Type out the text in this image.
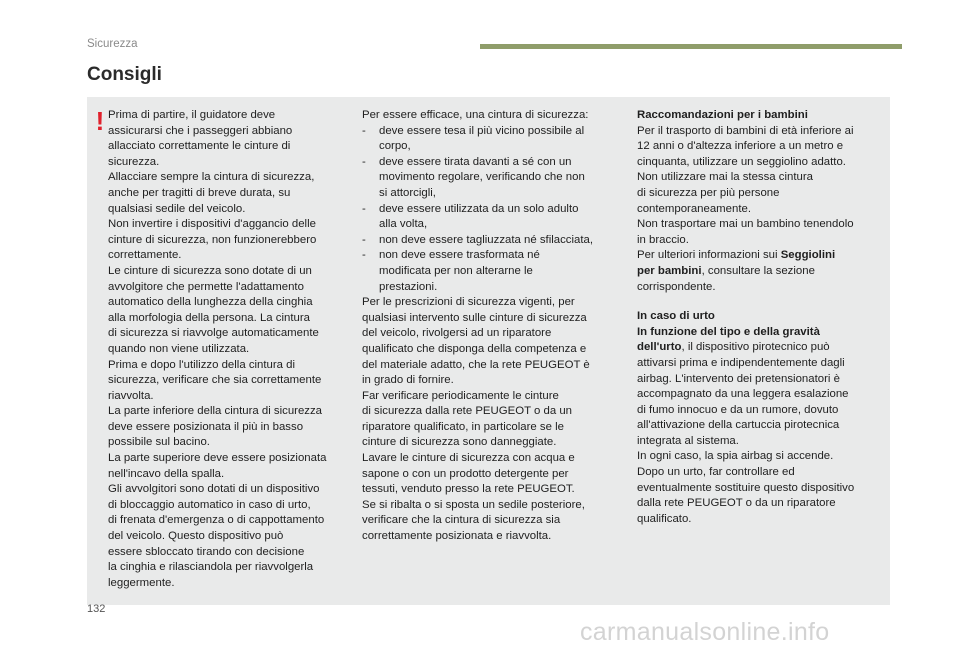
Sicurezza
Consigli
! Prima di partire, il guidatore deve

assicurarsi che i passeggeri abbiano

allacciato correttamente le cinture di

sicurezza.

Allacciare sempre la cintura di sicurezza,

anche per tragitti di breve durata, su

qualsiasi sedile del veicolo.

Non invertire i dispositivi d'aggancio delle

cinture di sicurezza, non funzionerebbero

correttamente.

Le cinture di sicurezza sono dotate di un

avvolgitore che permette l'adattamento

automatico della lunghezza della cinghia

alla morfologia della persona. La cintura

di sicurezza si riavvolge automaticamente

quando non viene utilizzata.

Prima e dopo l'utilizzo della cintura di

sicurezza, verificare che sia correttamente

riavvolta.

La parte inferiore della cintura di sicurezza

deve essere posizionata il più in basso

possibile sul bacino.

La parte superiore deve essere posizionata

nell'incavo della spalla.

Gli avvolgitori sono dotati di un dispositivo

di bloccaggio automatico in caso di urto,

di frenata d'emergenza o di cappottamento

del veicolo. Questo dispositivo può

essere sbloccato tirando con decisione

la cinghia e rilasciandola per riavvolgerla

leggermente.

Per essere efficace, una cintura di sicurezza:

- deve essere tesa il più vicino possibile al

corpo,

- deve essere tirata davanti a sé con un

movimento regolare, verificando che non

si attorcigli,

- deve essere utilizzata da un solo adulto

alla volta,

- non deve essere tagliuzzata né sfilacciata,

- non deve essere trasformata né

modificata per non alterarne le

prestazioni.

Per le prescrizioni di sicurezza vigenti, per

qualsiasi intervento sulle cinture di sicurezza

del veicolo, rivolgersi ad un riparatore

qualificato che disponga della competenza e

del materiale adatto, che la rete PEUGEOT è

in grado di fornire.

Far verificare periodicamente le cinture

di sicurezza dalla rete PEUGEOT o da un

riparatore qualificato, in particolare se le

cinture di sicurezza sono danneggiate.

Lavare le cinture di sicurezza con acqua e

sapone o con un prodotto detergente per

tessuti, venduto presso la rete PEUGEOT.

Se si ribalta o si sposta un sedile posteriore,

verificare che la cintura di sicurezza sia

correttamente posizionata e riavvolta.

Raccomandazioni per i bambini

Per il trasporto di bambini di età inferiore ai

12 anni o d'altezza inferiore a un metro e

cinquanta, utilizzare un seggiolino adatto.

Non utilizzare mai la stessa cintura

di sicurezza per più persone

contemporaneamente.

Non trasportare mai un bambino tenendolo

in braccio.

Per ulteriori informazioni sui Seggiolini

per bambini, consultare la sezione

corrispondente.

In caso di urto

In funzione del tipo e della gravità

dell'urto, il dispositivo pirotecnico può

attivarsi prima e indipendentemente dagli

airbag. L'intervento dei pretensionatori è

accompagnato da una leggera esalazione

di fumo innocuo e da un rumore, dovuto

all'attivazione della cartuccia pirotecnica

integrata al sistema.

In ogni caso, la spia airbag si accende.

Dopo un urto, far controllare ed

eventualmente sostituire questo dispositivo

dalla rete PEUGEOT o da un riparatore

qualificato.

132
carmanualsonline.info
